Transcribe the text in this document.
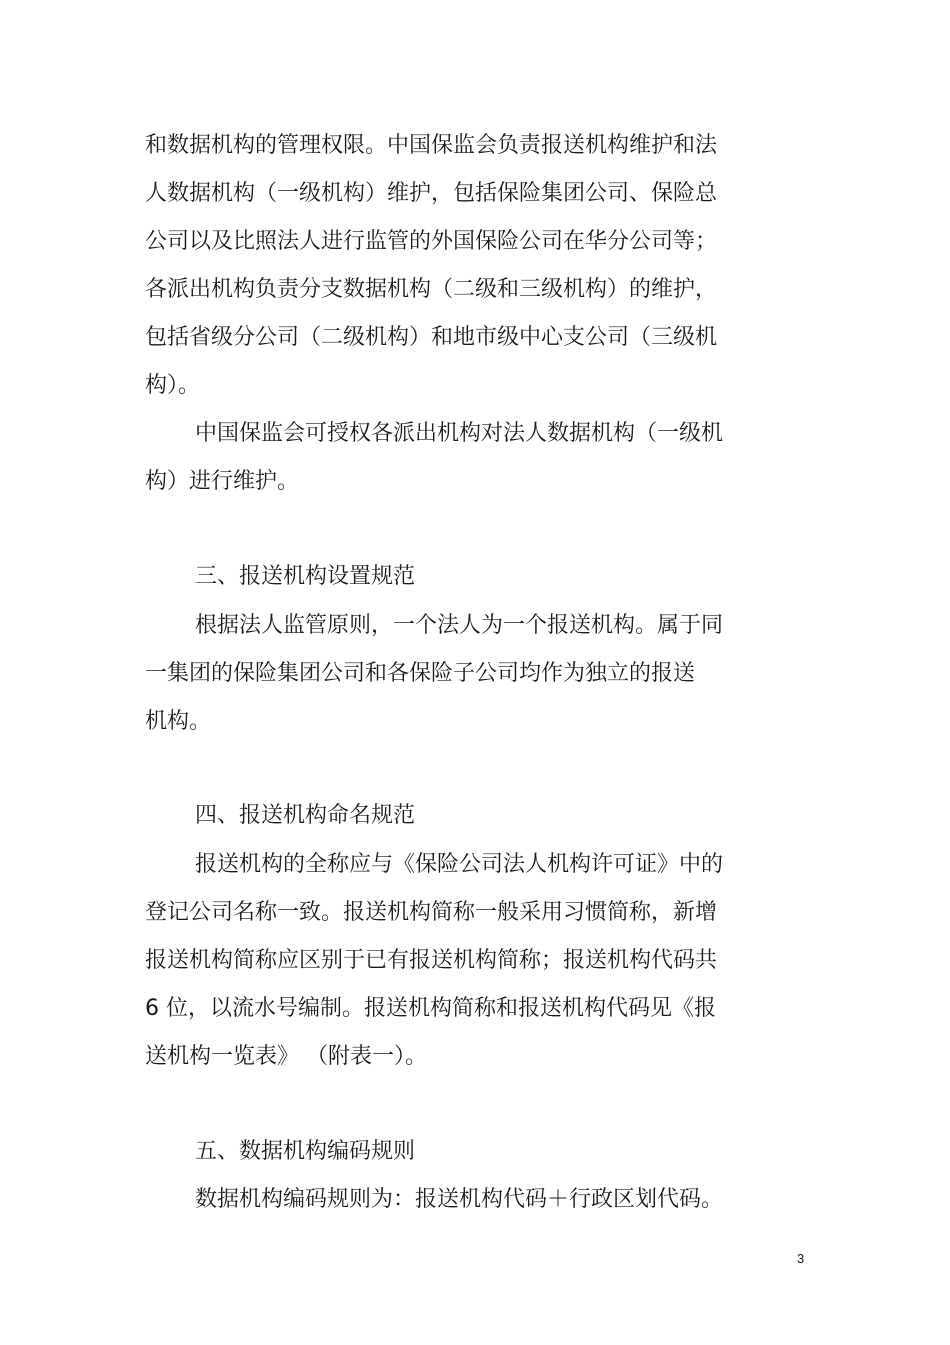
和数据机构的管理权限。中国保监会负责报送机构维护和法
人数据机构（一级机构）维护，包括保险集团公司、保险总
公司以及比照法人进行监管的外国保险公司在华分公司等；
各派出机构负责分支数据机构（二级和三级机构）的维护，
包括省级分公司（二级机构）和地市级中心支公司（三级机
构）。
中国保监会可授权各派出机构对法人数据机构（一级机
构）进行维护。
三、报送机构设置规范
根据法人监管原则，一个法人为一个报送机构。属于同
一集团的保险集团公司和各保险子公司均作为独立的报送
机构。
四、报送机构命名规范
报送机构的全称应与《保险公司法人机构许可证》中的
登记公司名称一致。报送机构简称一般采用习惯简称，新增
报送机构简称应区别于已有报送机构简称；报送机构代码共
6 位，以流水号编制。报送机构简称和报送机构代码见《报
送机构一览表》 （附表一）。
五、数据机构编码规则
数据机构编码规则为：报送机构代码＋行政区划代码。
3
